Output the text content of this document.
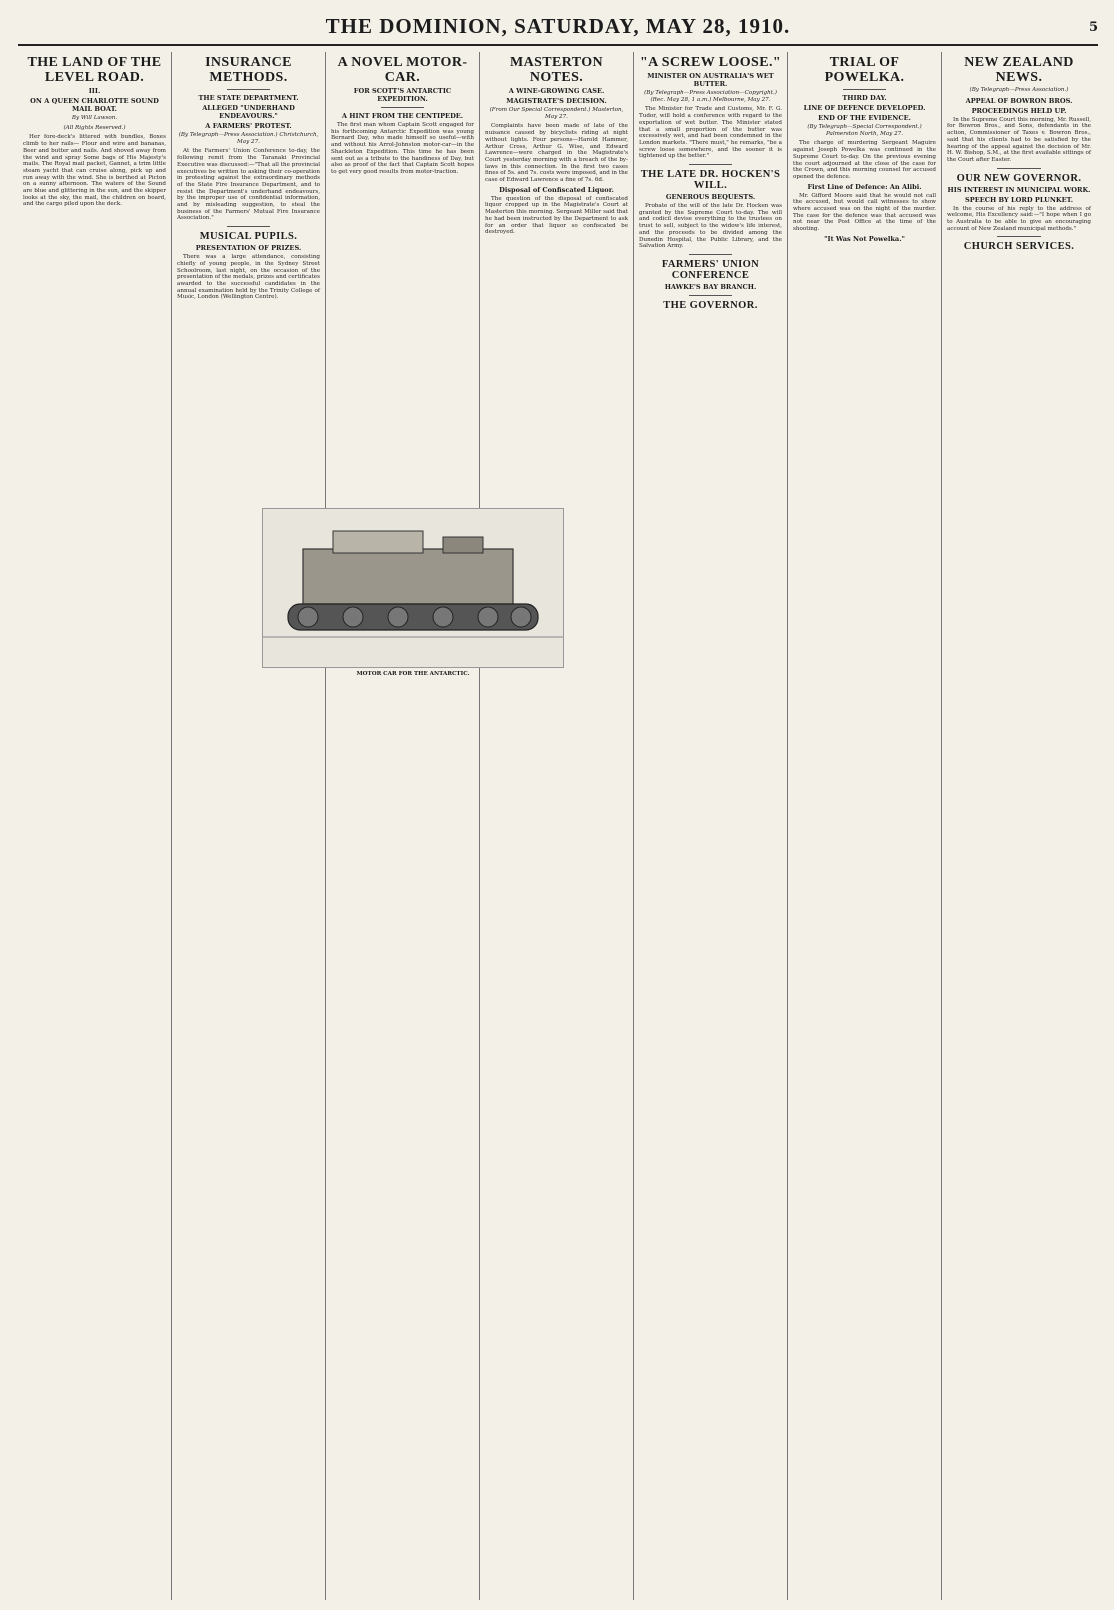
THE DOMINION, SATURDAY, MAY 28, 1910.	5
THE LAND OF THE LEVEL ROAD.
III.
ON A QUEEN CHARLOTTE SOUND MAIL BOAT.
By Will Lawson.
(All Rights Reserved.)

Her fore-deck's littered with bundles, Boxes climb to her rails— Flour and wire and bananas, Beer and butter and nails. And shoved away from the wind and spray Some bags of His Majesty's mails. The Royal mail packet, Gannet, a trim little steam yacht that can cruise along, pick up and run away with the wind. She is berthed at Picton on a sunny afternoon. The waters of the Sound are blue and glittering in the sun, and the skipper looks at the sky, the mail, the children on board, and the cargo piled upon the deck.

INSURANCE METHODS.
THE STATE DEPARTMENT.
ALLEGED "UNDERHAND ENDEAVOURS."
A FARMERS' PROTEST.
(By Telegraph—Press Association.) Christchurch, May 27.

At the Farmers' Union Conference to-day, the following remit from the Taranaki Provincial Executive was discussed:—"That all the provincial executives be written to asking their co-operation in protesting against the extraordinary methods of the State Fire Insurance Department, and to resist the Department's underhand endeavours, by the improper use of confidential information, and by misleading suggestion, to steal the business of the Farmers' Mutual Fire Insurance Association."

MUSICAL PUPILS.
PRESENTATION OF PRIZES.

There was a large attendance, consisting chiefly of young people, in the Sydney Street Schoolroom, last night, on the occasion of the presentation of the medals, prizes and certificates awarded to the successful candidates in the annual examination held by the Trinity College of Music, London (Wellington Centre).

A NOVEL MOTOR-CAR.
FOR SCOTT'S ANTARCTIC EXPEDITION.
A HINT FROM THE CENTIPEDE.

The first man whom Captain Scott engaged for his forthcoming Antarctic Expedition was young Bernard Day, who made himself so useful—with and without his Arrol-Johnston motor-car—in the Shackleton Expedition. This time he has been sent out as a tribute to the handiness of Day, but also as proof of the fact that Captain Scott hopes to get very good results from motor-traction.

MASTERTON NOTES.
A WINE-GROWING CASE.
MAGISTRATE'S DECISION.
(From Our Special Correspondent.) Masterton, May 27.

Complaints have been made of late of the nuisance caused by bicyclists riding at night without lights. Four persons—Harold Hammer, Arthur Cross, Arthur G. Wise, and Edward Lawrence—were charged in the Magistrate's Court yesterday morning with a breach of the by-laws in this connection. In the first two cases fines of 5s. and 7s. costs were imposed, and in the case of Edward Lawrence a fine of 7s. 6d.

Disposal of Confiscated Liquor.

The question of the disposal of confiscated liquor cropped up in the Magistrate's Court at Masterton this morning. Sergeant Miller said that he had been instructed by the Department to ask for an order that liquor so confiscated be destroyed.

"A SCREW LOOSE."
MINISTER ON AUSTRALIA'S WET BUTTER.
(By Telegraph—Press Association—Copyright.) (Rec. May 28, 1 a.m.) Melbourne, May 27.

The Minister for Trade and Customs, Mr. F. G. Tudor, will hold a conference with regard to the exportation of wet butter. The Minister stated that a small proportion of the butter was excessively wet, and had been condemned in the London markets. "There must," he remarks, "be a screw loose somewhere, and the sooner it is tightened up the better."

THE LATE DR. HOCKEN'S WILL.
GENEROUS BEQUESTS.

Probate of the will of the late Dr. Hocken was granted by the Supreme Court to-day. The will and codicil devise everything to the trustees on trust to sell, subject to the widow's life interest, and the proceeds to be divided among the Dunedin Hospital, the Public Library, and the Salvation Army.

FARMERS' UNION CONFERENCE
HAWKE'S BAY BRANCH.
THE GOVERNOR.
TRIAL OF POWELKA.
THIRD DAY.
LINE OF DEFENCE DEVELOPED.
END OF THE EVIDENCE.
(By Telegraph—Special Correspondent.) Palmerston North, May 27.

The charge of murdering Sergeant Maguire against Joseph Powelka was continued in the Supreme Court to-day. On the previous evening the court adjourned at the close of the case for the Crown, and this morning counsel for accused opened the defence.

First Line of Defence: An Alibi.

Mr. Gifford Moore said that he would not call the accused, but would call witnesses to show where accused was on the night of the murder. The case for the defence was that accused was not near the Post Office at the time of the shooting.

"It Was Not Powelka."
NEW ZEALAND NEWS.
(By Telegraph—Press Association.)
APPEAL OF BOWRON BROS.
PROCEEDINGS HELD UP.

In the Supreme Court this morning, Mr. Russell, for Bowron Bros., and Sons, defendants in the action, Commissioner of Taxes v. Bowron Bros., said that his clients had to be satisfied by the hearing of the appeal against the decision of Mr. H. W. Bishop, S.M., at the first available sittings of the Court after Easter.

OUR NEW GOVERNOR.
HIS INTEREST IN MUNICIPAL WORK.
SPEECH BY LORD PLUNKET.

In the course of his reply to the address of welcome, His Excellency said:—"I hope when I go to Australia to be able to give an encouraging account of New Zealand municipal methods."

CHURCH SERVICES.
MOTOR CAR FOR THE ANTARCTIC.
